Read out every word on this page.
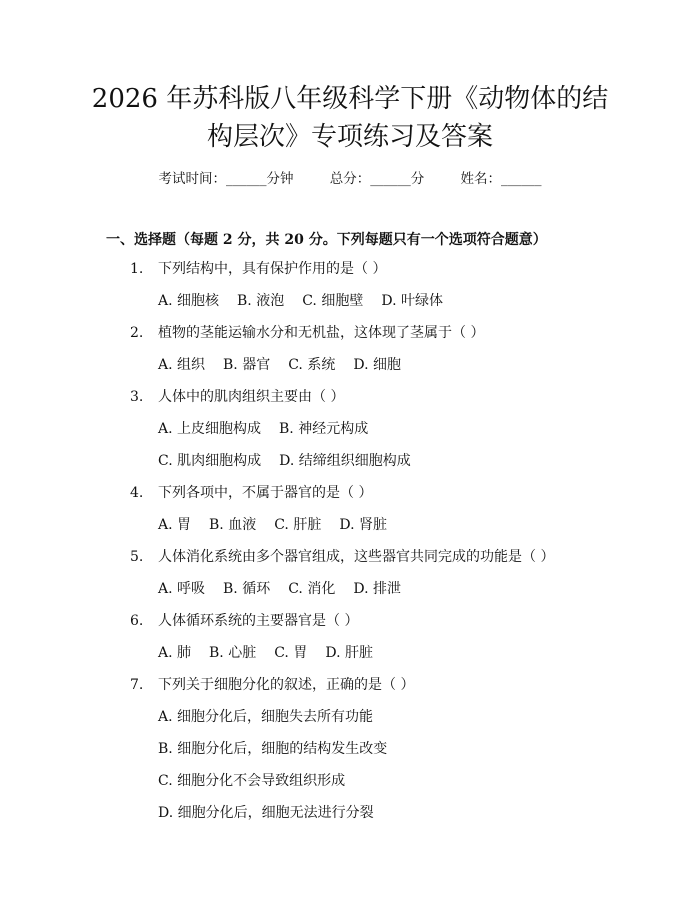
2026 年苏科版八年级科学下册《动物体的结
构层次》专项练习及答案
考试时间：______分钟	总分：______分	姓名：______
一、选择题（每题 2 分，共 20 分。下列每题只有一个选项符合题意）
1. 下列结构中，具有保护作用的是（ ）
A. 细胞核 B. 液泡 C. 细胞壁 D. 叶绿体
2. 植物的茎能运输水分和无机盐，这体现了茎属于（ ）
A. 组织 B. 器官 C. 系统 D. 细胞
3. 人体中的肌肉组织主要由（ ）
A. 上皮细胞构成 B. 神经元构成
C. 肌肉细胞构成 D. 结缔组织细胞构成
4. 下列各项中，不属于器官的是（ ）
A. 胃 B. 血液 C. 肝脏 D. 肾脏
5. 人体消化系统由多个器官组成，这些器官共同完成的功能是（ ）
A. 呼吸 B. 循环 C. 消化 D. 排泄
6. 人体循环系统的主要器官是（ ）
A. 肺 B. 心脏 C. 胃 D. 肝脏
7. 下列关于细胞分化的叙述，正确的是（ ）
A. 细胞分化后，细胞失去所有功能
B. 细胞分化后，细胞的结构发生改变
C. 细胞分化不会导致组织形成
D. 细胞分化后，细胞无法进行分裂
